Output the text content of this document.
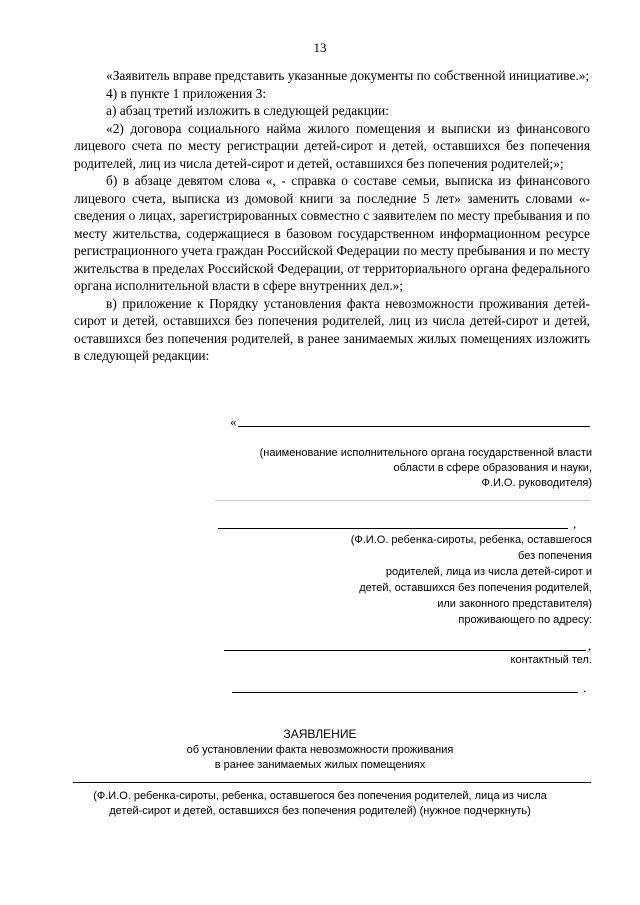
13

«Заявитель вправе представить указанные документы по собственной инициативе.»;

4) в пункте 1 приложения 3:

а) абзац третий изложить в следующей редакции:

«2) договора социального найма жилого помещения и выписки из финансового лицевого счета по месту регистрации детей-сирот и детей, оставшихся без попечения родителей, лиц из числа детей-сирот и детей, оставшихся без попечения родителей;»;

б) в абзаце девятом слова «, - справка о составе семьи, выписка из финансового лицевого счета, выписка из домовой книги за последние 5 лет» заменить словами «- сведения о лицах, зарегистрированных совместно с заявителем по месту пребывания и по месту жительства, содержащиеся в базовом государственном информационном ресурсе регистрационного учета граждан Российской Федерации по месту пребывания и по месту жительства в пределах Российской Федерации, от территориального органа федерального органа исполнительной власти в сфере внутренних дел.»;

в) приложение к Порядку установления факта невозможности проживания детей-сирот и детей, оставшихся без попечения родителей, лиц из числа детей-сирот и детей, оставшихся без попечения родителей, в ранее занимаемых жилых помещениях изложить в следующей редакции:

«
(наименование исполнительного органа государственной власти
области в сфере образования и науки,
Ф.И.О. руководителя)
,
(Ф.И.О. ребенка-сироты, ребенка, оставшегося
без попечения
родителей, лица из числа детей-сирот и
детей, оставшихся без попечения родителей,
или законного представителя)
проживающего по адресу:
,
контактный тел.
.
ЗАЯВЛЕНИЕ
об установлении факта невозможности проживания
в ранее занимаемых жилых помещениях
(Ф.И.О. ребенка-сироты, ребенка, оставшегося без попечения родителей, лица из числа
детей-сирот и детей, оставшихся без попечения родителей) (нужное подчеркнуть)
